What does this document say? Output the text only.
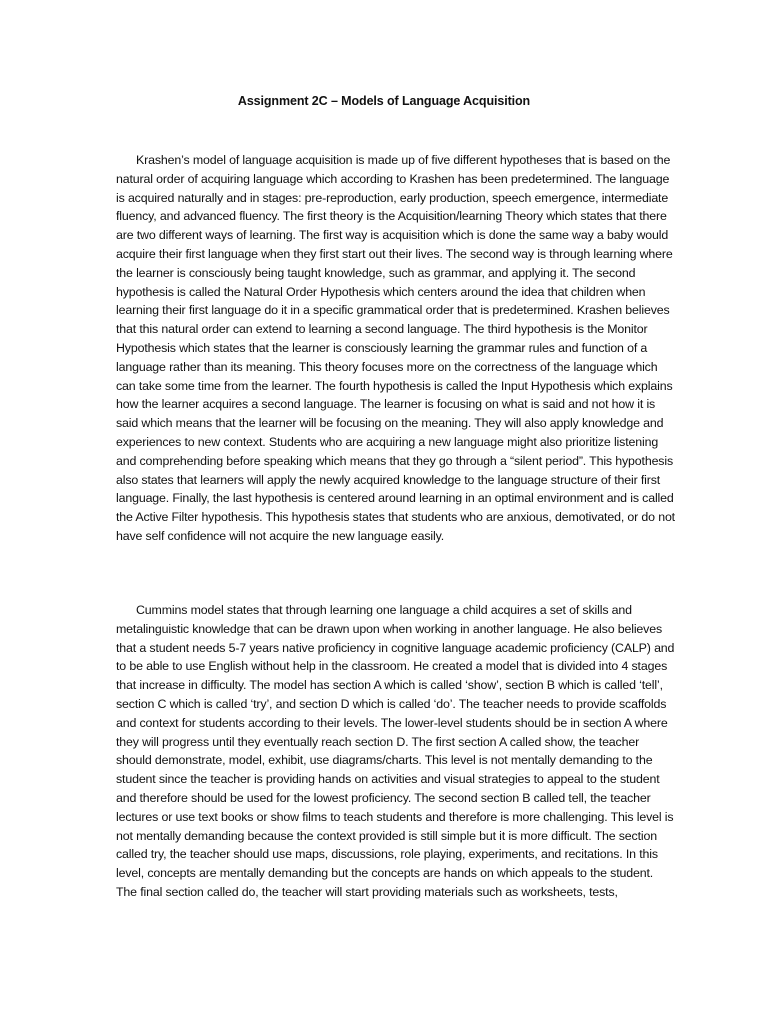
Assignment 2C – Models of Language Acquisition

Krashen’s model of language acquisition is made up of five different hypotheses that is based on the natural order of acquiring language which according to Krashen has been predetermined. The language is acquired naturally and in stages: pre-reproduction, early production, speech emergence, intermediate fluency, and advanced fluency. The first theory is the Acquisition/learning Theory which states that there are two different ways of learning. The first way is acquisition which is done the same way a baby would acquire their first language when they first start out their lives. The second way is through learning where the learner is consciously being taught knowledge, such as grammar, and applying it. The second hypothesis is called the Natural Order Hypothesis which centers around the idea that children when learning their first language do it in a specific grammatical order that is predetermined. Krashen believes that this natural order can extend to learning a second language. The third hypothesis is the Monitor Hypothesis which states that the learner is consciously learning the grammar rules and function of a language rather than its meaning. This theory focuses more on the correctness of the language which can take some time from the learner. The fourth hypothesis is called the Input Hypothesis which explains how the learner acquires a second language. The learner is focusing on what is said and not how it is said which means that the learner will be focusing on the meaning. They will also apply knowledge and experiences to new context. Students who are acquiring a new language might also prioritize listening and comprehending before speaking which means that they go through a “silent period”. This hypothesis also states that learners will apply the newly acquired knowledge to the language structure of their first language. Finally, the last hypothesis is centered around learning in an optimal environment and is called the Active Filter hypothesis. This hypothesis states that students who are anxious, demotivated, or do not have self confidence will not acquire the new language easily.

Cummins model states that through learning one language a child acquires a set of skills and metalinguistic knowledge that can be drawn upon when working in another language. He also believes that a student needs 5-7 years native proficiency in cognitive language academic proficiency (CALP) and to be able to use English without help in the classroom. He created a model that is divided into 4 stages that increase in difficulty. The model has section A which is called ‘show’, section B which is called ‘tell’, section C which is called ‘try’, and section D which is called ‘do’. The teacher needs to provide scaffolds and context for students according to their levels. The lower-level students should be in section A where they will progress until they eventually reach section D. The first section A called show, the teacher should demonstrate, model, exhibit, use diagrams/charts. This level is not mentally demanding to the student since the teacher is providing hands on activities and visual strategies to appeal to the student and therefore should be used for the lowest proficiency. The second section B called tell, the teacher lectures or use text books or show films to teach students and therefore is more challenging. This level is not mentally demanding because the context provided is still simple but it is more difficult. The section called try, the teacher should use maps, discussions, role playing, experiments, and recitations. In this level, concepts are mentally demanding but the concepts are hands on which appeals to the student. The final section called do, the teacher will start providing materials such as worksheets, tests,
